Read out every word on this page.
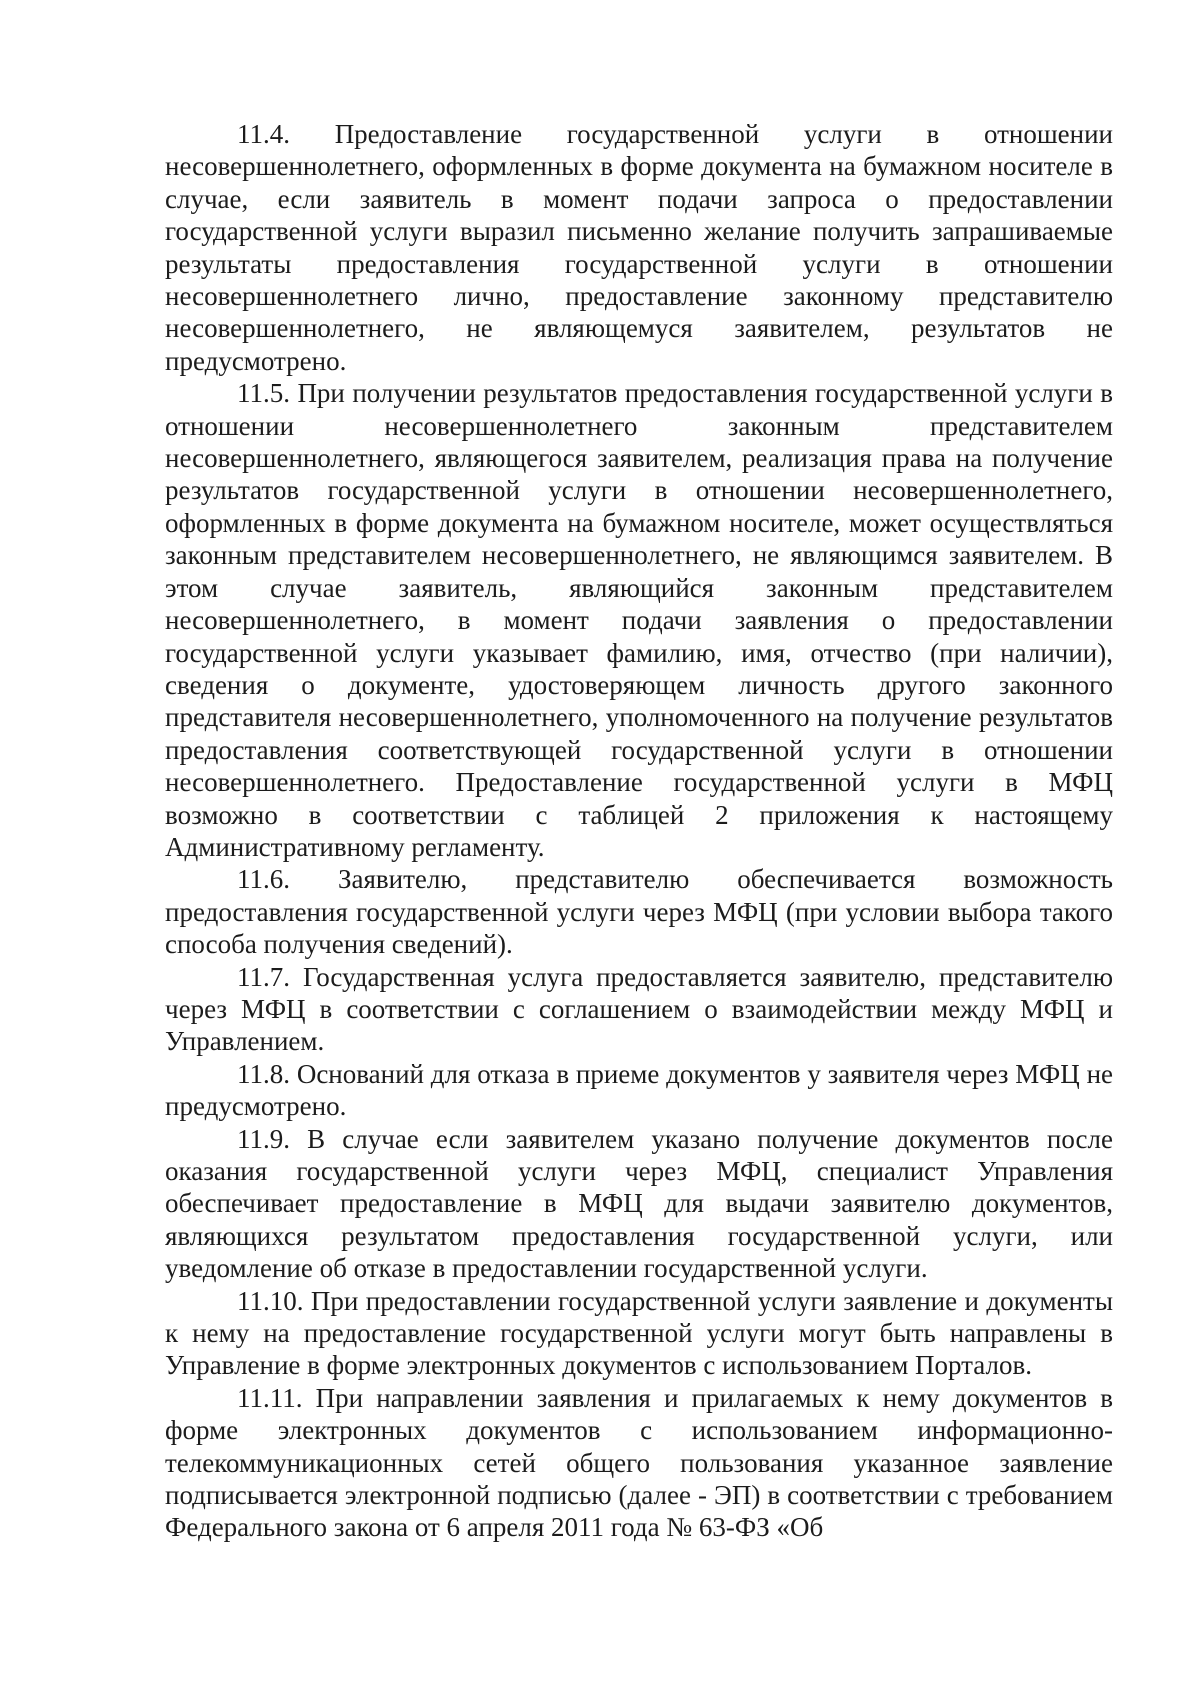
11.4. Предоставление государственной услуги в отношении несовершеннолетнего, оформленных в форме документа на бумажном носителе в случае, если заявитель в момент подачи запроса о предоставлении государственной услуги выразил письменно желание получить запрашиваемые результаты предоставления государственной услуги в отношении несовершеннолетнего лично, предоставление законному представителю несовершеннолетнего, не являющемуся заявителем, результатов не предусмотрено.

11.5. При получении результатов предоставления государственной услуги в отношении несовершеннолетнего законным представителем несовершеннолетнего, являющегося заявителем, реализация права на получение результатов государственной услуги в отношении несовершеннолетнего, оформленных в форме документа на бумажном носителе, может осуществляться законным представителем несовершеннолетнего, не являющимся заявителем. В этом случае заявитель, являющийся законным представителем несовершеннолетнего, в момент подачи заявления о предоставлении государственной услуги указывает фамилию, имя, отчество (при наличии), сведения о документе, удостоверяющем личность другого законного представителя несовершеннолетнего, уполномоченного на получение результатов предоставления соответствующей государственной услуги в отношении несовершеннолетнего. Предоставление государственной услуги в МФЦ возможно в соответствии с таблицей 2 приложения к настоящему Административному регламенту.

11.6. Заявителю, представителю обеспечивается возможность предоставления государственной услуги через МФЦ (при условии выбора такого способа получения сведений).

11.7. Государственная услуга предоставляется заявителю, представителю через МФЦ в соответствии с соглашением о взаимодействии между МФЦ и Управлением.

11.8. Оснований для отказа в приеме документов у заявителя через МФЦ не предусмотрено.

11.9. В случае если заявителем указано получение документов после оказания государственной услуги через МФЦ, специалист Управления обеспечивает предоставление в МФЦ для выдачи заявителю документов, являющихся результатом предоставления государственной услуги, или уведомление об отказе в предоставлении государственной услуги.

11.10. При предоставлении государственной услуги заявление и документы к нему на предоставление государственной услуги могут быть направлены в Управление в форме электронных документов с использованием Порталов.

11.11. При направлении заявления и прилагаемых к нему документов в форме электронных документов с использованием информационно-телекоммуникационных сетей общего пользования указанное заявление подписывается электронной подписью (далее - ЭП) в соответствии с требованием Федерального закона от 6 апреля 2011 года № 63-ФЗ «Об
